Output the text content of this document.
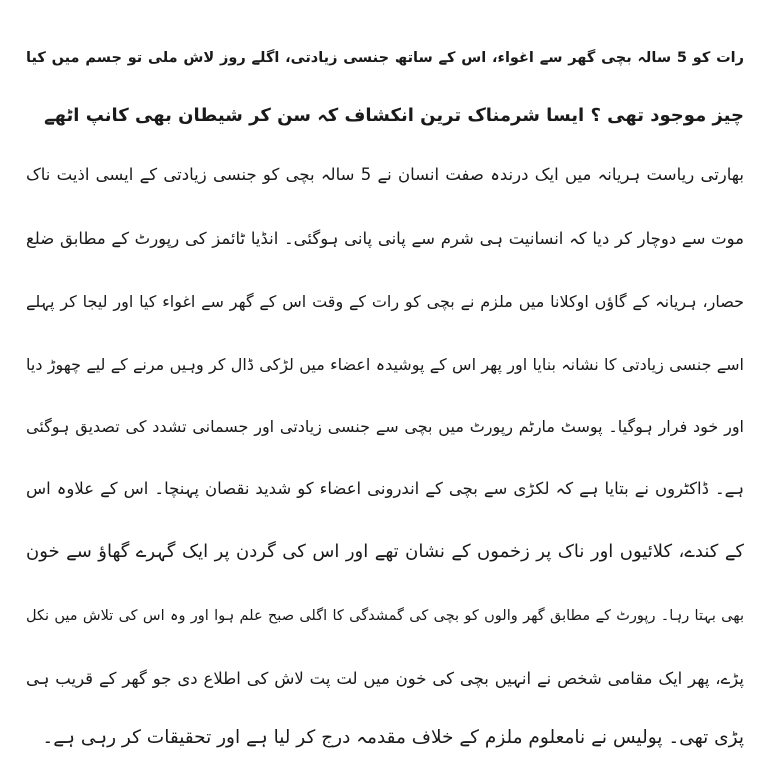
رات کو 5 سالہ بچی گھر سے اغواء، اس کے ساتھ جنسی زیادتی، اگلے روز لاش ملی تو جسم میں کیا
چیز موجود تھی ؟ ایسا شرمناک ترین انکشاف کہ سن کر شیطان بھی کانپ اٹھے
بھارتی ریاست ہریانہ میں ایک درندہ صفت انسان نے 5 سالہ بچی کو جنسی زیادتی کے ایسی اذیت ناک
موت سے دوچار کر دیا کہ انسانیت ہی شرم سے پانی پانی ہوگئی۔ انڈیا ٹائمز کی رپورٹ کے مطابق ضلع
حصار، ہریانہ کے گاؤں اوکلانا میں ملزم نے بچی کو رات کے وقت اس کے گھر سے اغواء کیا اور لیجا کر پہلے
اسے جنسی زیادتی کا نشانہ بنایا اور پھر اس کے پوشیدہ اعضاء میں لڑکی ڈال کر وہیں مرنے کے لیے چھوڑ دیا
اور خود فرار ہوگیا۔ پوسٹ مارٹم رپورٹ میں بچی سے جنسی زیادتی اور جسمانی تشدد کی تصدیق ہوگئی
ہے۔ ڈاکٹروں نے بتایا ہے کہ لکڑی سے بچی کے اندرونی اعضاء کو شدید نقصان پہنچا۔ اس کے علاوہ اس
کے کندے، کلائیوں اور ناک پر زخموں کے نشان تھے اور اس کی گردن پر ایک گہرے گھاؤ سے خون
بھی بہتا رہا۔ رپورٹ کے مطابق گھر والوں کو بچی کی گمشدگی کا اگلی صبح علم ہوا اور وہ اس کی تلاش میں نکل
پڑے، پھر ایک مقامی شخص نے انہیں بچی کی خون میں لت پت لاش کی اطلاع دی جو گھر کے قریب ہی
پڑی تھی۔ پولیس نے نامعلوم ملزم کے خلاف مقدمہ درج کر لیا ہے اور تحقیقات کر رہی ہے۔
